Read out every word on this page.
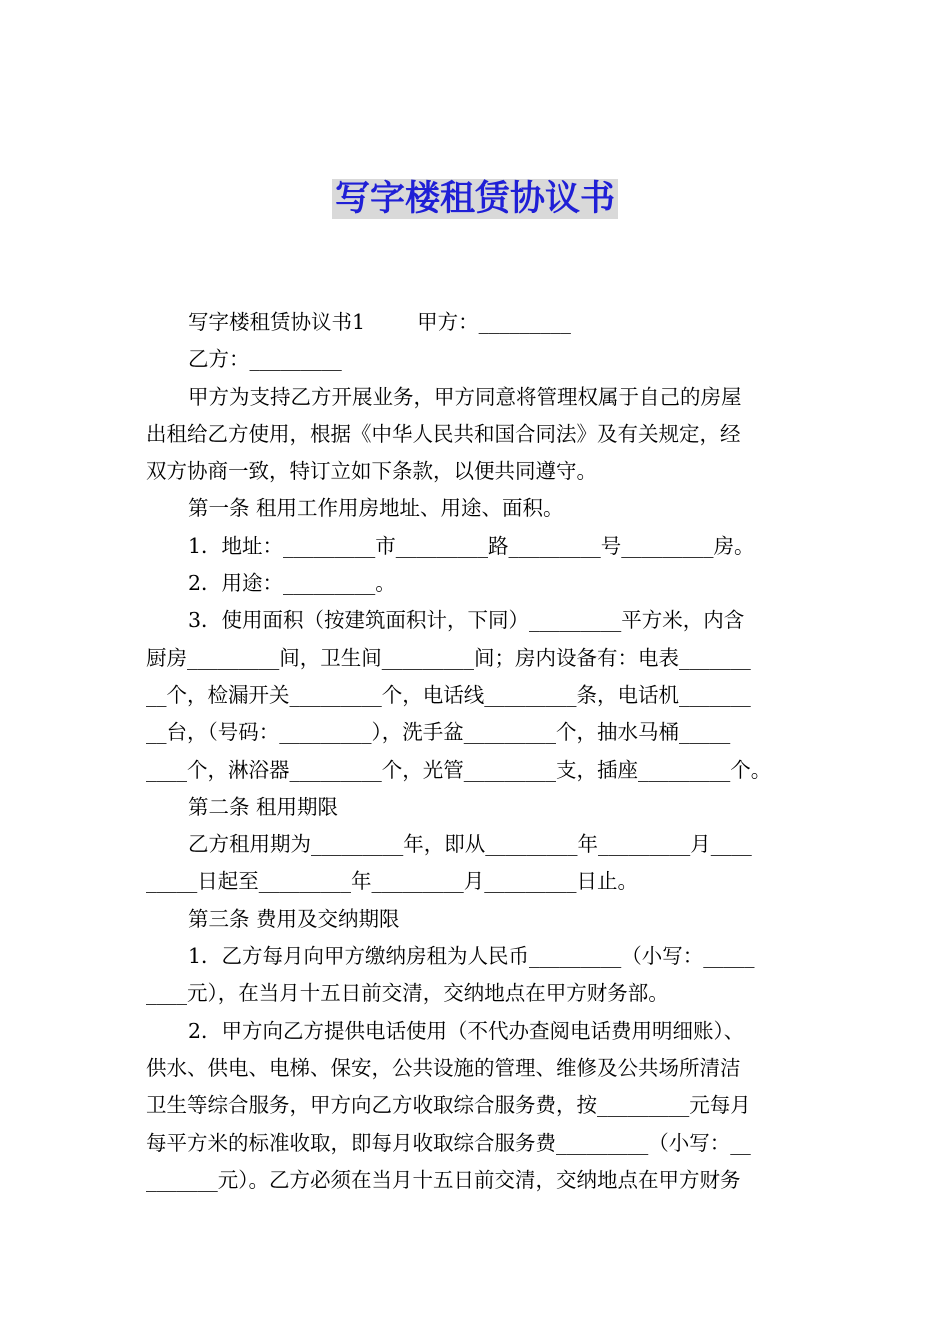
写字楼租赁协议书
写字楼租赁协议书1        甲方：_________
乙方：_________
甲方为支持乙方开展业务，甲方同意将管理权属于自己的房屋
出租给乙方使用，根据《中华人民共和国合同法》及有关规定，经
双方协商一致，特订立如下条款，以便共同遵守。
第一条 租用工作用房地址、用途、面积。
1．地址：_________市_________路_________号_________房。
2．用途：_________。
3．使用面积（按建筑面积计，下同）_________平方米，内含
厨房_________间，卫生间_________间；房内设备有：电表_______
__个，检漏开关_________个，电话线_________条，电话机_______
__台，（号码：_________），洗手盆_________个，抽水马桶_____
____个，淋浴器_________个，光管_________支，插座_________个。
第二条 租用期限
乙方租用期为_________年，即从_________年_________月____
_____日起至_________年_________月_________日止。
第三条 费用及交纳期限
1．乙方每月向甲方缴纳房租为人民币_________（小写：_____
____元），在当月十五日前交清，交纳地点在甲方财务部。
2．甲方向乙方提供电话使用（不代办查阅电话费用明细账）、
供水、供电、电梯、保安，公共设施的管理、维修及公共场所清洁
卫生等综合服务，甲方向乙方收取综合服务费，按_________元每月
每平方米的标准收取，即每月收取综合服务费_________（小写：__
_______元）。乙方必须在当月十五日前交清，交纳地点在甲方财务
